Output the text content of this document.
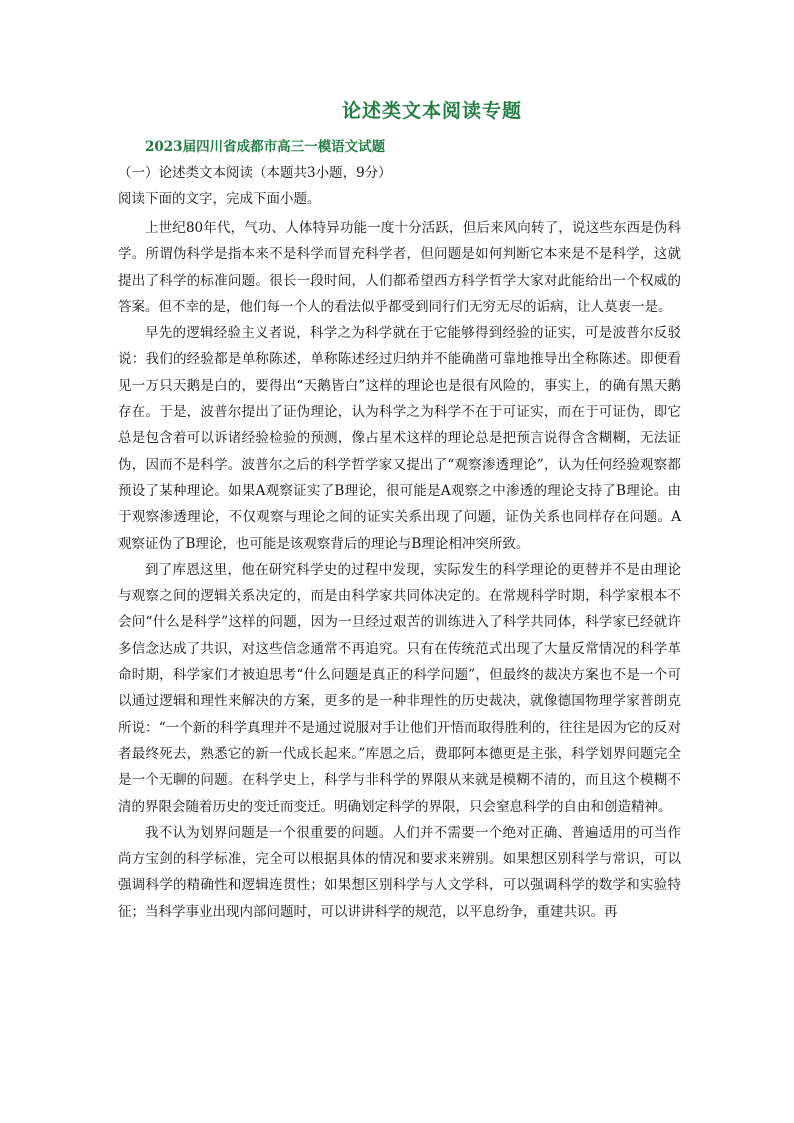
论述类文本阅读专题

2023届四川省成都市高三一模语文试题

（一）论述类文本阅读（本题共3小题，9分）

阅读下面的文字，完成下面小题。

上世纪80年代，气功、人体特异功能一度十分活跃，但后来风向转了，说这些东西是伪科学。所谓伪科学是指本来不是科学而冒充科学者，但问题是如何判断它本来是不是科学，这就提出了科学的标准问题。很长一段时间，人们都希望西方科学哲学大家对此能给出一个权威的答案。但不幸的是，他们每一个人的看法似乎都受到同行们无穷无尽的诟病，让人莫衷一是。

早先的逻辑经验主义者说，科学之为科学就在于它能够得到经验的证实，可是波普尔反驳说：我们的经验都是单称陈述，单称陈述经过归纳并不能确凿可靠地推导出全称陈述。即便看见一万只天鹅是白的，要得出“天鹅皆白”这样的理论也是很有风险的，事实上，的确有黑天鹅存在。于是，波普尔提出了证伪理论，认为科学之为科学不在于可证实，而在于可证伪，即它总是包含着可以诉诸经验检验的预测，像占星术这样的理论总是把预言说得含含糊糊，无法证伪，因而不是科学。波普尔之后的科学哲学家又提出了“观察渗透理论”，认为任何经验观察都预设了某种理论。如果A观察证实了B理论，很可能是A观察之中渗透的理论支持了B理论。由于观察渗透理论，不仅观察与理论之间的证实关系出现了问题，证伪关系也同样存在问题。A观察证伪了B理论，也可能是该观察背后的理论与B理论相冲突所致。

到了库恩这里，他在研究科学史的过程中发现，实际发生的科学理论的更替并不是由理论与观察之间的逻辑关系决定的，而是由科学家共同体决定的。在常规科学时期，科学家根本不会问“什么是科学”这样的问题，因为一旦经过艰苦的训练进入了科学共同体，科学家已经就许多信念达成了共识，对这些信念通常不再追究。只有在传统范式出现了大量反常情况的科学革命时期，科学家们才被迫思考“什么问题是真正的科学问题”，但最终的裁决方案也不是一个可以通过逻辑和理性来解决的方案，更多的是一种非理性的历史裁决，就像德国物理学家普朗克所说：“一个新的科学真理并不是通过说服对手让他们开悟而取得胜利的，往往是因为它的反对者最终死去，熟悉它的新一代成长起来。”库恩之后，费耶阿本德更是主张，科学划界问题完全是一个无聊的问题。在科学史上，科学与非科学的界限从来就是模糊不清的，而且这个模糊不清的界限会随着历史的变迁而变迁。明确划定科学的界限，只会窒息科学的自由和创造精神。

我不认为划界问题是一个很重要的问题。人们并不需要一个绝对正确、普遍适用的可当作尚方宝剑的科学标准，完全可以根据具体的情况和要求来辨别。如果想区别科学与常识，可以强调科学的精确性和逻辑连贯性；如果想区别科学与人文学科，可以强调科学的数学和实验特征；当科学事业出现内部问题时，可以讲讲科学的规范，以平息纷争，重建共识。再
